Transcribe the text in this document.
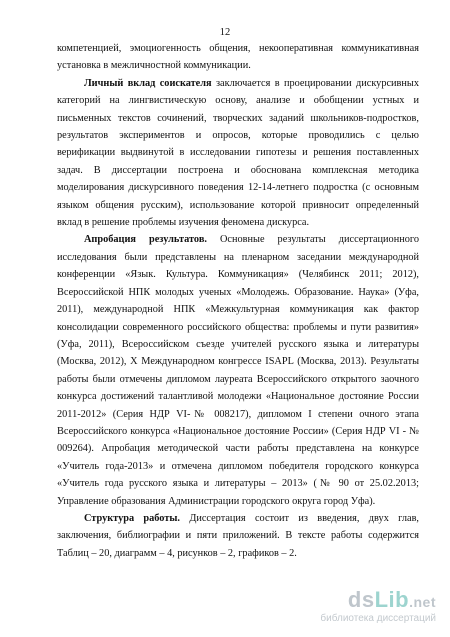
12

компетенцией, эмоциогенность общения, некооперативная коммуникативная установка в межличностной коммуникации.

Личный вклад соискателя заключается в проецировании дискурсивных категорий на лингвистическую основу, анализе и обобщении устных и письменных текстов сочинений, творческих заданий школьников-подростков, результатов экспериментов и опросов, которые проводились с целью верификации выдвинутой в исследовании гипотезы и решения поставленных задач. В диссертации построена и обоснована комплексная методика моделирования дискурсивного поведения 12-14-летнего подростка (с основным языком общения русским), использование которой привносит определенный вклад в решение проблемы изучения феномена дискурса.

Апробация результатов. Основные результаты диссертационного исследования были представлены на пленарном заседании международной конференции «Язык. Культура. Коммуникация» (Челябинск 2011; 2012), Всероссийской НПК молодых ученых «Молодежь. Образование. Наука» (Уфа, 2011), международной НПК «Межкультурная коммуникация как фактор консолидации современного российского общества: проблемы и пути развития» (Уфа, 2011), Всероссийском съезде учителей русского языка и литературы (Москва, 2012), X Международном конгрессе ISAPL (Москва, 2013). Результаты работы были отмечены дипломом лауреата Всероссийского открытого заочного конкурса достижений талантливой молодежи «Национальное достояние России 2011-2012» (Серия НДР VI-№ 008217), дипломом I степени очного этапа Всероссийского конкурса «Национальное достояние России» (Серия НДР VI - № 009264). Апробация методической части работы представлена на конкурсе «Учитель года-2013» и отмечена дипломом победителя городского конкурса «Учитель года русского языка и литературы – 2013» (№ 90 от 25.02.2013; Управление образования Администрации городского округа город Уфа).

Структура работы. Диссертация состоит из введения, двух глав, заключения, библиографии и пяти приложений. В тексте работы содержится Таблиц – 20, диаграмм – 4, рисунков – 2, графиков – 2.

dsLib.net
библиотека диссертаций
